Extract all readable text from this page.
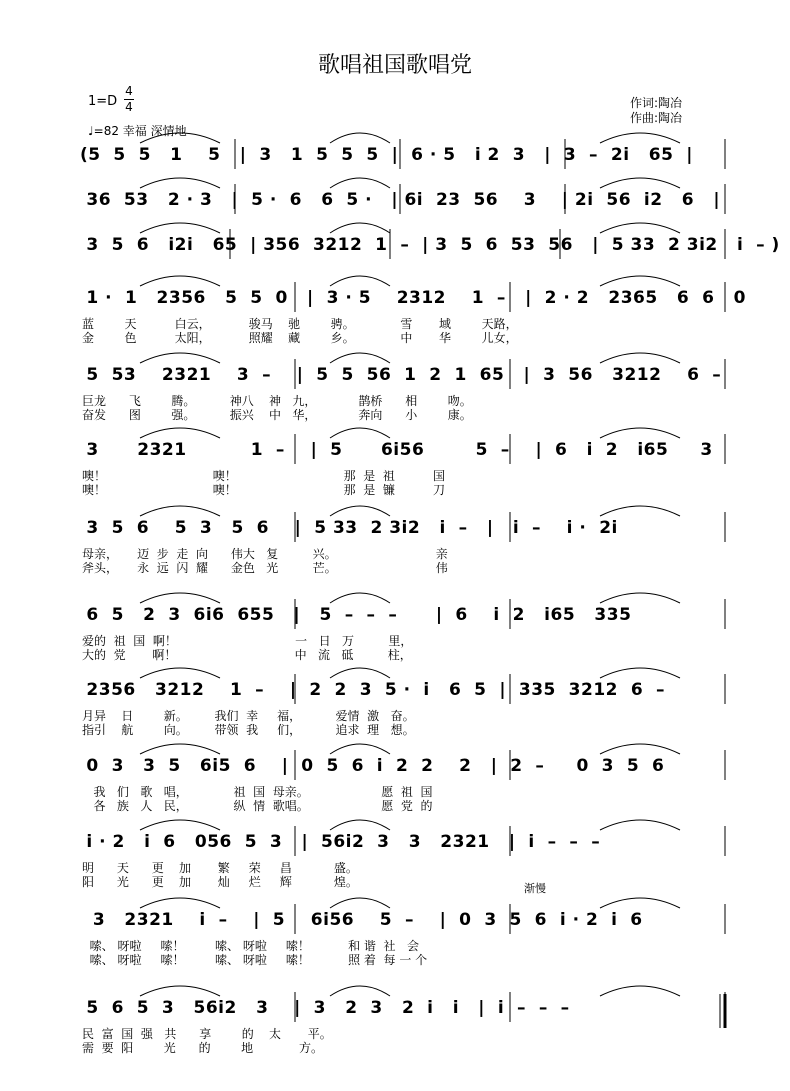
歌唱祖国歌唱党
1=D
4
4
♩=82 幸福 深情地
作词:陶冶
作曲:陶冶
(5  5  5   1    5   |  3   1  5  5  5  |  6 · 5   i 2  3   |  3  –  2i   65  |
36  53   2 · 3   |  5 ·  6   6  5 ·   | 6i  23  56    3    | 2i  56  i2   6   |
3  5  6   i2i   65  | 356  3212  1  –  | 3  5  6  53  56   |  5 33  2 3i2   i  – )
1 ·  1   2356   5  5  0   |  3 · 5    2312    1  –   |  2 · 2   2365   6  6   0
蓝        天          白云，          骏马    驰        骋。            雪       域        天路，
金        色          太阳，          照耀    藏        乡。            中       华        儿女，
5  53    2321    3  –    |  5  5  56  1  2  1  65   |  3  56   3212    6  –
巨龙      飞        腾。         神八    神   九，           鹊桥      相        吻。
奋发      图        强。         振兴    中   华，           奔向      小        康。
3      2321          1  –    |  5      6i56        5  –    |  6   i  2   i65     3
噢！                            噢！                            那  是  祖          国
噢！                            噢！                            那  是  镰          刀
3  5  6    5  3   5  6    |  5 33  2 3i2   i  –   |   i  –    i ·  2i
母亲，     迈  步  走  向      伟大   复         兴。                          亲
斧头，     永  远  闪  耀      金色   光         芒。                          伟
6  5   2  3  6i6  655   |   5  –  –  –      |  6    i  2   i65   335
爱的  祖  国  啊！                               一   日   万         里，
大的  党       啊！                               中   流   砥         柱，
2356   3212    1  –    |  2  2  3  5 ·  i   6  5  |  335  3212  6  –
月异    日        新。       我们  幸     福，         爱情  激   奋。
指引    航        向。       带领  我     们，         追求  理   想。
0  3   3  5   6i5  6    |  0  5  6  i  2  2    2   |  2  –     0  3  5  6
我   们   歌   唱，            祖  国  母亲。                   愿  祖  国
各   族   人   民，            纵  情  歌唱。                   愿  党  的
i · 2   i  6   056  5  3   |  56i2  3   3   2321   |  i  –  –  –
明      天      更    加       繁     荣     昌           盛。
阳      光      更    加       灿     烂     辉           煌。
3   2321    i  –    |  5    6i56    5  –    |  0  3  5  6  i · 2  i  6
嗦、 呀啦     嗦！        嗦、 呀啦     嗦！          和 谐  社   会
嗦、 呀啦     嗦！        嗦、 呀啦     嗦！          照 着  每 一 个
5  6  5  3   56i2   3    |  3   2  3   2  i   i   |  i  –  –  –
民  富  国  强   共      享        的    太       平。
需  要  阳        光      的        地            方。
渐慢
